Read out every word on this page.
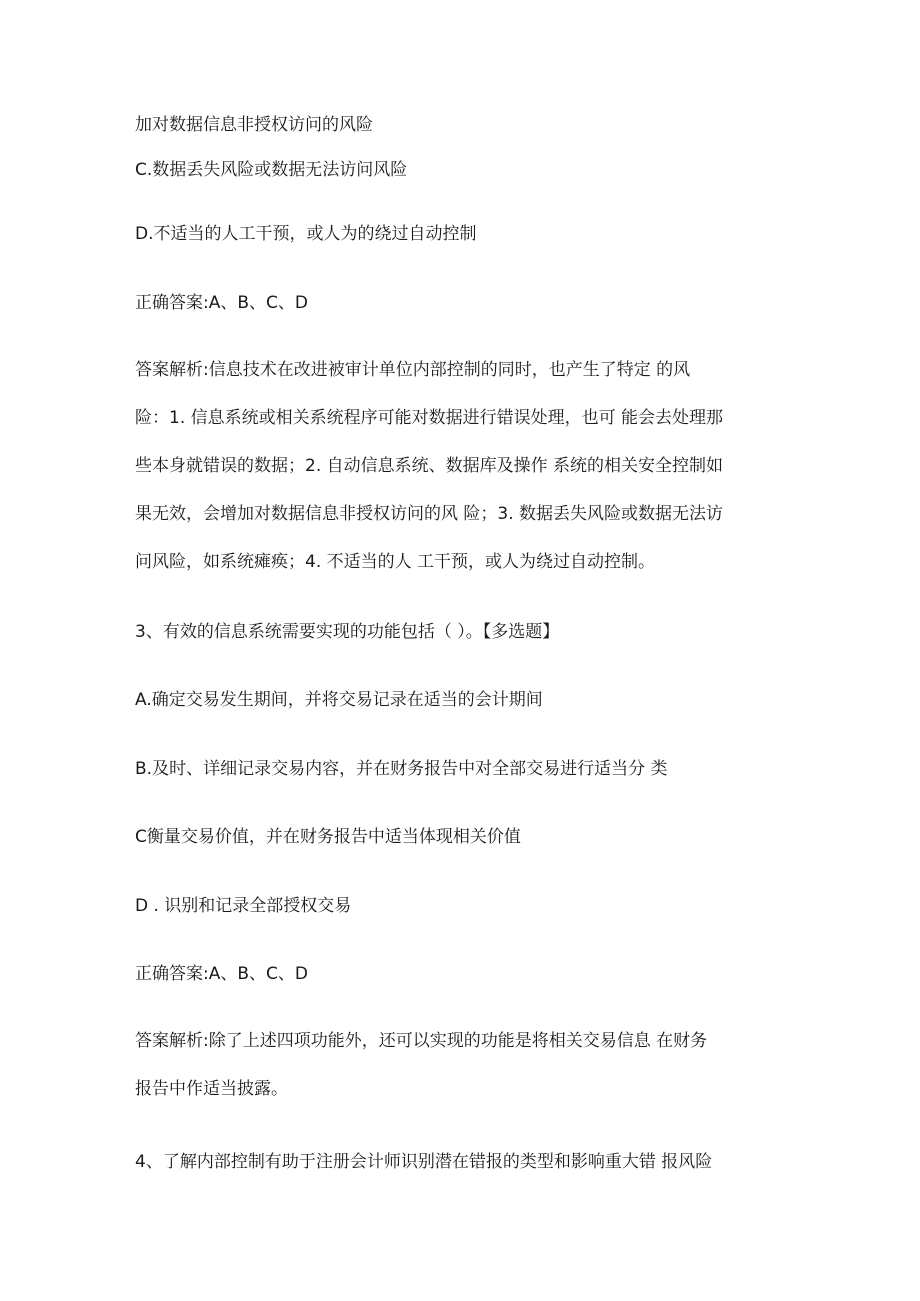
加对数据信息非授权访问的风险
C.数据丢失风险或数据无法访问风险
D.不适当的人工干预，或人为的绕过自动控制
正确答案:A、B、C、D
答案解析:信息技术在改进被审计单位内部控制的同时，也产生了特定 的风
险：1. 信息系统或相关系统程序可能对数据进行错误处理，也可 能会去处理那
些本身就错误的数据；2. 自动信息系统、数据库及操作 系统的相关安全控制如
果无效，会增加对数据信息非授权访问的风 险；3. 数据丢失风险或数据无法访
问风险，如系统瘫痪；4. 不适当的人 工干预，或人为绕过自动控制。
3、有效的信息系统需要实现的功能包括（ ）。【多选题】
A.确定交易发生期间，并将交易记录在适当的会计期间
B.及时、详细记录交易内容，并在财务报告中对全部交易进行适当分 类
C衡量交易价值，并在财务报告中适当体现相关价值
D . 识别和记录全部授权交易
正确答案:A、B、C、D
答案解析:除了上述四项功能外，还可以实现的功能是将相关交易信息 在财务
报告中作适当披露。
4、了解内部控制有助于注册会计师识别潜在错报的类型和影响重大错 报风险
